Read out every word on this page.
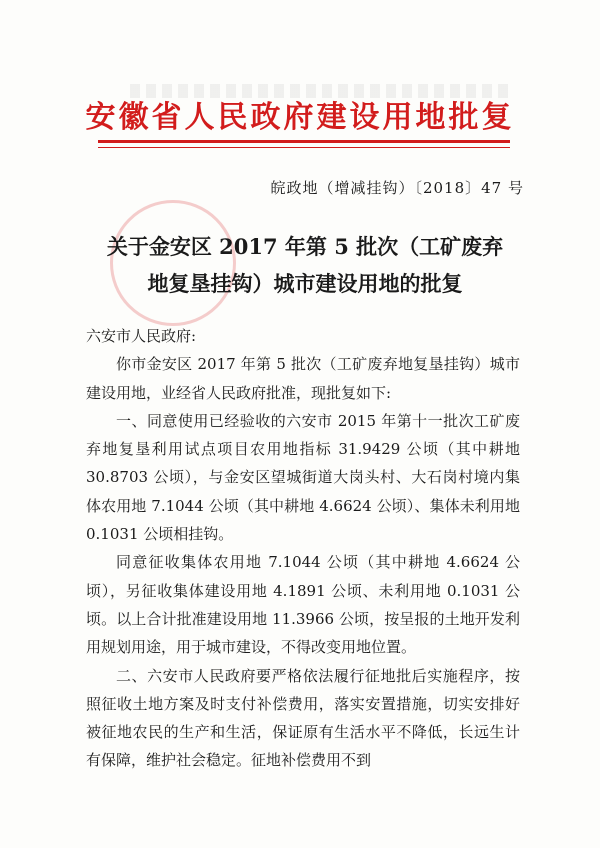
安徽省人民政府建设用地批复
皖政地（增减挂钩）〔2018〕47 号
关于金安区 2017 年第 5 批次（工矿废弃
地复垦挂钩）城市建设用地的批复

六安市人民政府:

你市金安区 2017 年第 5 批次（工矿废弃地复垦挂钩）城市建设用地，业经省人民政府批准，现批复如下:

一、同意使用已经验收的六安市 2015 年第十一批次工矿废弃地复垦利用试点项目农用地指标 31.9429 公顷（其中耕地 30.8703 公顷），与金安区望城街道大岗头村、大石岗村境内集体农用地 7.1044 公顷（其中耕地 4.6624 公顷）、集体未利用地 0.1031 公顷相挂钩。

同意征收集体农用地 7.1044 公顷（其中耕地 4.6624 公顷），另征收集体建设用地 4.1891 公顷、未利用地 0.1031 公顷。以上合计批准建设用地 11.3966 公顷，按呈报的土地开发利用规划用途，用于城市建设，不得改变用地位置。

二、六安市人民政府要严格依法履行征地批后实施程序，按照征收土地方案及时支付补偿费用，落实安置措施，切实安排好被征地农民的生产和生活，保证原有生活水平不降低，长远生计有保障，维护社会稳定。征地补偿费用不到
